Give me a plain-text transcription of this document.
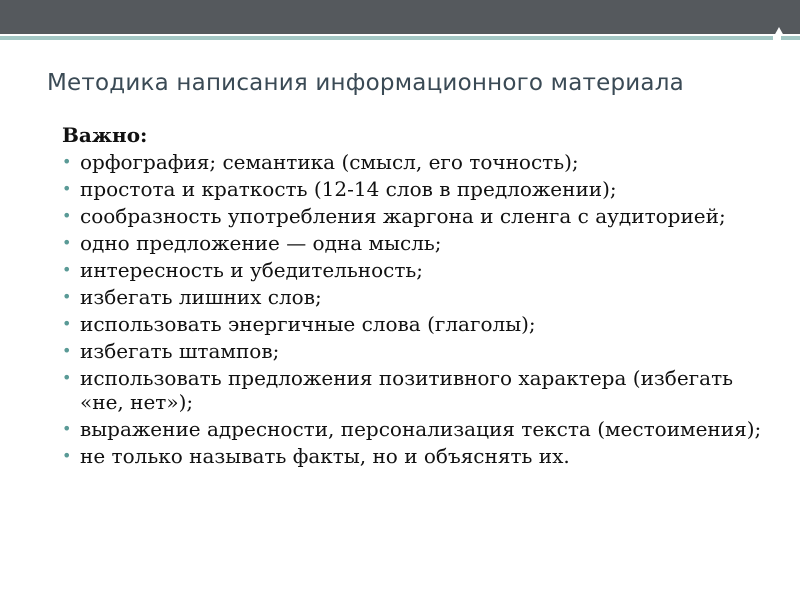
Методика написания информационного материала
Важно:
• орфография; семантика (смысл, его точность);
• простота и краткость (12-14 слов в предложении);
• сообразность употребления жаргона и сленга с аудиторией;
• одно предложение — одна мысль;
• интересность и убедительность;
• избегать лишних слов;
• использовать энергичные слова (глаголы);
• избегать штампов;
• использовать предложения позитивного характера (избегать «не, нет»);
• выражение адресности, персонализация текста (местоимения);
• не только называть факты, но и объяснять их.
